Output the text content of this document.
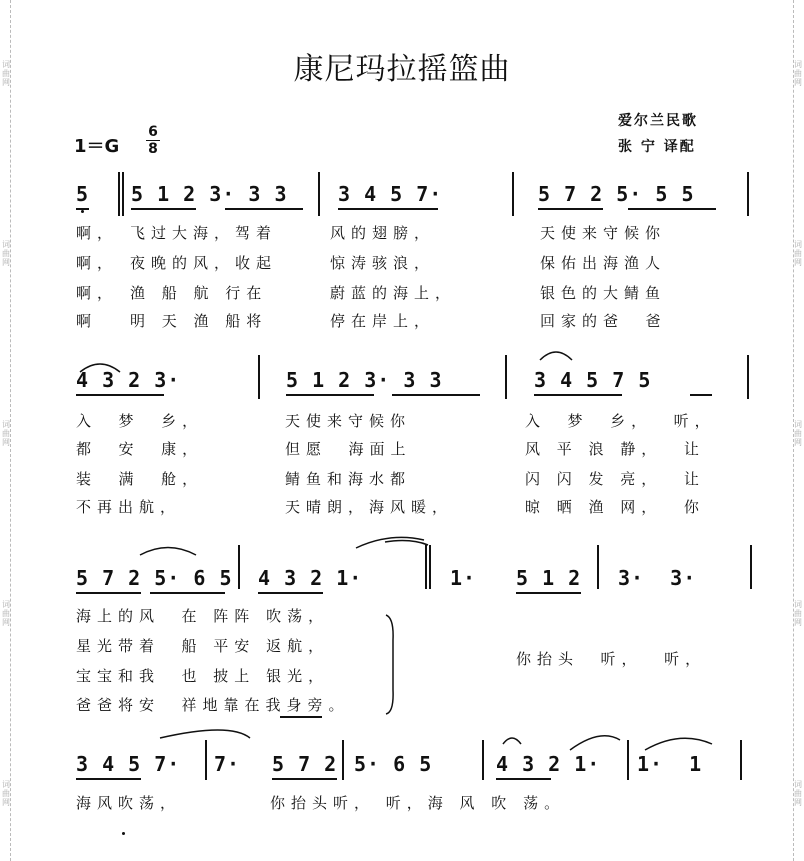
词曲网
词曲网
词曲网
词曲网
词曲网
词曲网
词曲网
词曲网
词曲网
词曲网
康尼玛拉摇篮曲
爱尔兰民歌
张 宁 译配
1＝G
6
8
5 5 1 2 3· 3 3	3 4 5 7·	5 7 2 5· 5 5
啊， 飞过大海，驾着	风的翅膀，	天使来守候你
啊， 夜晚的风，收起	惊涛骇浪，	保佑出海渔人
啊， 渔 船 航 行在	蔚蓝的海上，	银色的大鲭鱼
啊 明 天 渔 船将	停在岸上，	回家的爸  爸
4 3 2 3·	5 1 2 3· 3 3	3 4 5 7 5
入  梦  乡，	天使来守候你	入  梦  乡，  听，
都  安  康，	但愿  海面上	风 平 浪 静，  让
装  满  舱，	鲭鱼和海水都	闪 闪 发 亮，  让
不再出航，	天晴朗，海风暖，	晾 晒 渔 网，  你
5 7 2 5· 6 5 4 3 2 1·	1· 5 1 2 3·  3·
海上的风  在 阵阵 吹荡，
星光带着  船 平安 返航，
宝宝和我  也 披上 银光，
爸爸将安  祥地靠在我身旁。
你抬头  听，  听，
3 4 5 7· 7· 5 7 2 5· 6 5	4 3 2 1· 1·  1
海风吹荡，	你抬头听， 听，海 风 吹 荡。
